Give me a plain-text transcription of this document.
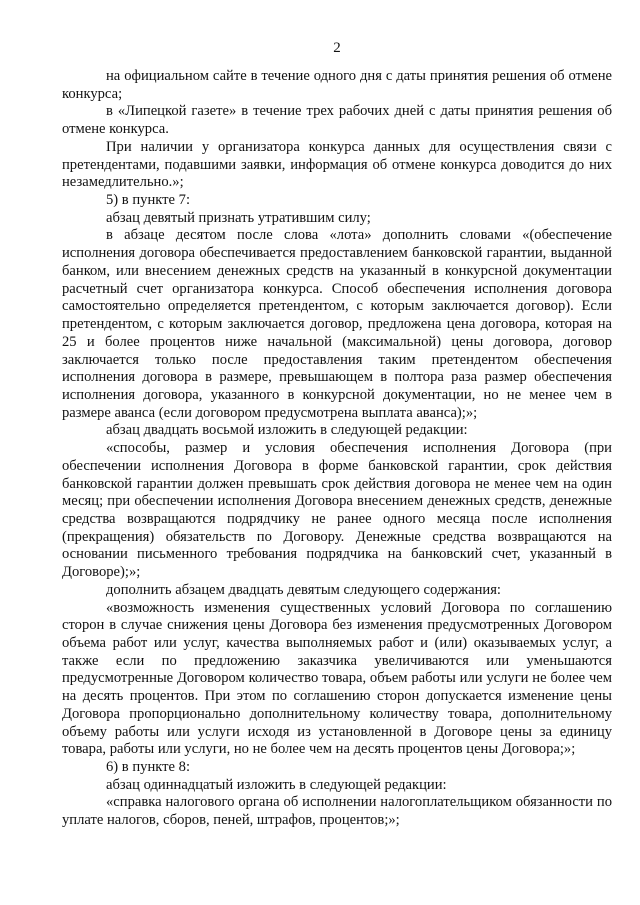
2

на официальном сайте в течение одного дня с даты принятия решения об отмене конкурса;

в «Липецкой газете» в течение трех рабочих дней с даты принятия решения об отмене конкурса.

При наличии у организатора конкурса данных для осуществления связи с претендентами, подавшими заявки, информация об отмене конкурса доводится до них незамедлительно.»;

5) в пункте 7:

абзац девятый признать утратившим силу;

в абзаце десятом после слова «лота» дополнить словами «(обеспечение исполнения договора обеспечивается предоставлением банковской гарантии, выданной банком, или внесением денежных средств на указанный в конкурсной документации расчетный счет организатора конкурса. Способ обеспечения исполнения договора самостоятельно определяется претендентом, с которым заключается договор). Если претендентом, с которым заключается договор, предложена цена договора, которая на 25 и более процентов ниже начальной (максимальной) цены договора, договор заключается только после предоставления таким претендентом обеспечения исполнения договора в размере, превышающем в полтора раза размер обеспечения исполнения договора, указанного в конкурсной документации, но не менее чем в размере аванса (если договором предусмотрена выплата аванса);»;

абзац двадцать восьмой изложить в следующей редакции:

«способы, размер и условия обеспечения исполнения Договора (при обеспечении исполнения Договора в форме банковской гарантии, срок действия банковской гарантии должен превышать срок действия договора не менее чем на один месяц; при обеспечении исполнения Договора внесением денежных средств, денежные средства возвращаются подрядчику не ранее одного месяца после исполнения (прекращения) обязательств по Договору. Денежные средства возвращаются на основании письменного требования подрядчика на банковский счет, указанный в Договоре);»;

дополнить абзацем двадцать девятым следующего содержания:

«возможность изменения существенных условий Договора по соглашению сторон в случае снижения цены Договора без изменения предусмотренных Договором объема работ или услуг, качества выполняемых работ и (или) оказываемых услуг, а также если по предложению заказчика увеличиваются или уменьшаются предусмотренные Договором количество товара, объем работы или услуги не более чем на десять процентов. При этом по соглашению сторон допускается изменение цены Договора пропорционально дополнительному количеству товара, дополнительному объему работы или услуги исходя из установленной в Договоре цены за единицу товара, работы или услуги, но не более чем на десять процентов цены Договора;»;

6) в пункте 8:

абзац одиннадцатый изложить в следующей редакции:

«справка налогового органа об исполнении налогоплательщиком обязанности по уплате налогов, сборов, пеней, штрафов, процентов;»;
